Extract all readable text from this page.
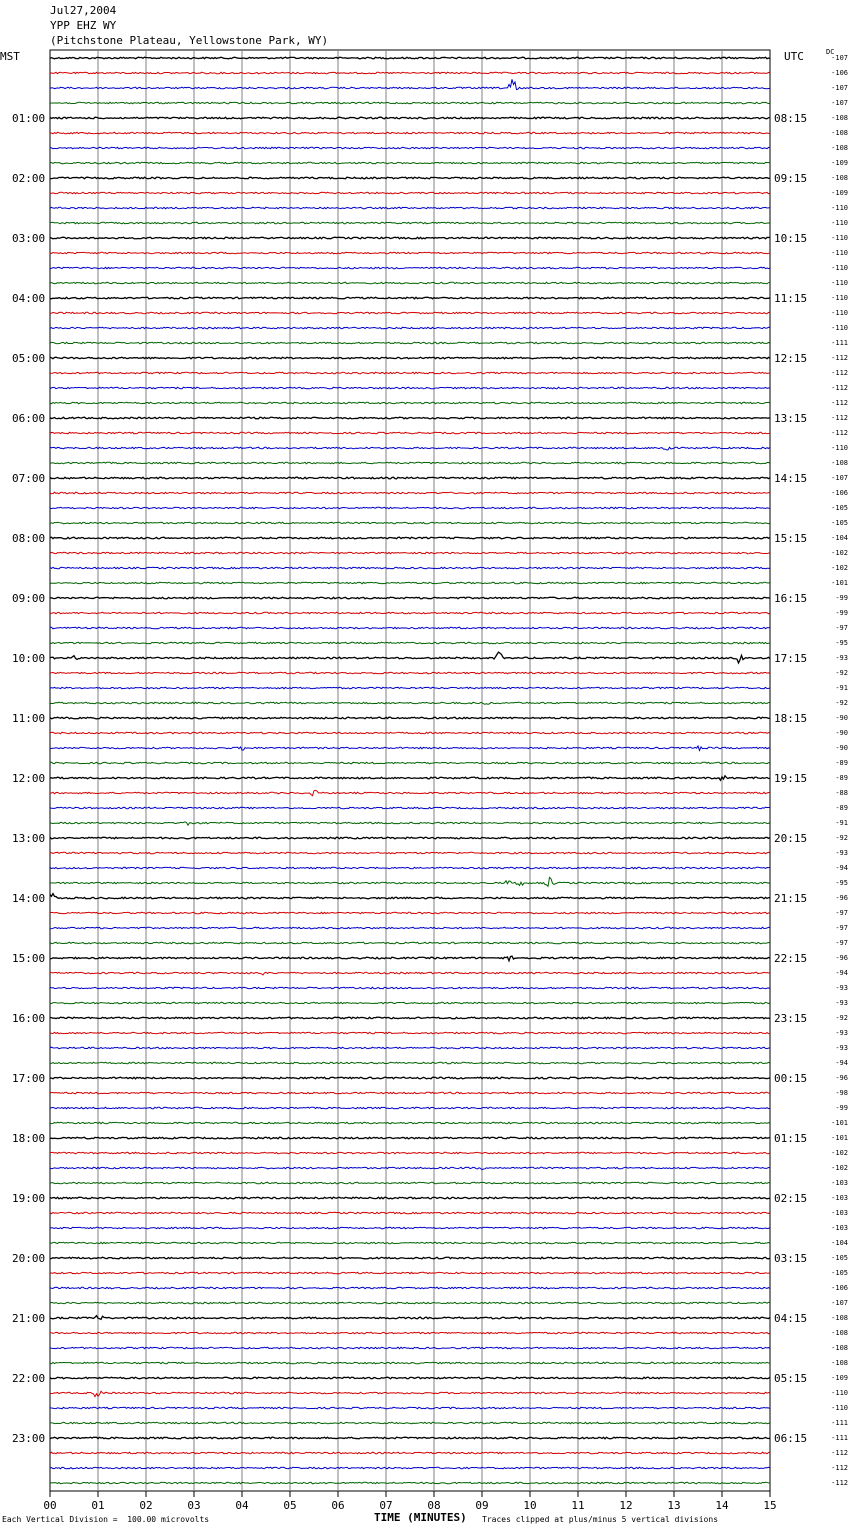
Jul27,2004
YPP EHZ WY
(Pitchstone Plateau, Yellowstone Park, WY)
MST	UTC	DC
01:00
02:00
03:00
04:00
05:00
06:00
07:00
08:00
09:00
10:00
11:00
12:00
13:00
14:00
15:00
16:00
17:00
18:00
19:00
20:00
21:00
22:00
23:00
08:15
09:15
10:15
11:15
12:15
13:15
14:15
15:15
16:15
17:15
18:15
19:15
20:15
21:15
22:15
23:15
00:15
01:15
02:15
03:15
04:15
05:15
06:15
-107
-106
-107
-107
-108
-108
-108
-109
-108
-109
-110
-110
-110
-110
-110
-110
-110
-110
-110
-111
-112
-112
-112
-112
-112
-112
-110
-108
-107
-106
-105
-105
-104
-102
-102
-101
-99
-99
-97
-95
-93
-92
-91
-92
-90
-90
-90
-89
-89
-88
-89
-91
-92
-93
-94
-95
-96
-97
-97
-97
-96
-94
-93
-93
-92
-93
-93
-94
-96
-98
-99
-101
-101
-102
-102
-103
-103
-103
-103
-104
-105
-105
-106
-107
-108
-108
-108
-108
-109
-110
-110
-111
-111
-112
-112
-112
00	01	02	03	04	05	06	07	08	09	10	11	12	13	14	15
Each Vertical Division =  100.00 microvolts	TIME (MINUTES) Traces clipped at plus/minus 5 vertical divisions
